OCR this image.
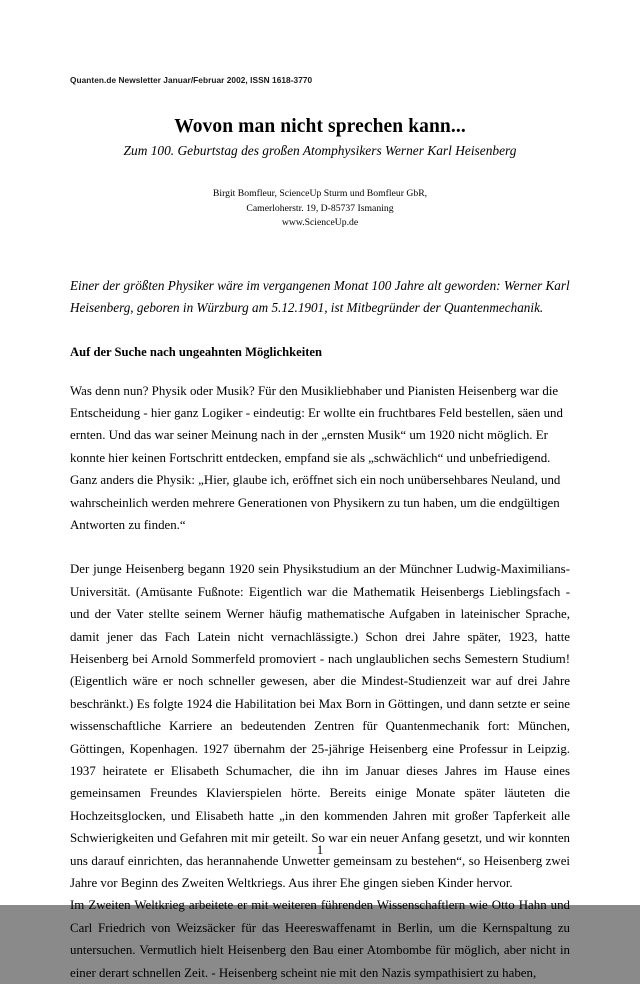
Quanten.de Newsletter Januar/Februar 2002, ISSN 1618-3770
Wovon man nicht sprechen kann...
Zum 100. Geburtstag des großen Atomphysikers Werner Karl Heisenberg
Birgit Bomfleur, ScienceUp Sturm und Bomfleur GbR,
Camerloherstr. 19, D-85737 Ismaning
www.ScienceUp.de
Einer der größten Physiker wäre im vergangenen Monat 100 Jahre alt geworden: Werner Karl Heisenberg, geboren in Würzburg am 5.12.1901, ist Mitbegründer der Quantenmechanik.
Auf der Suche nach ungeahnten Möglichkeiten

Was denn nun? Physik oder Musik? Für den Musikliebhaber und Pianisten Heisenberg war die Entscheidung - hier ganz Logiker - eindeutig: Er wollte ein fruchtbares Feld bestellen, säen und ernten. Und das war seiner Meinung nach in der „ernsten Musik“ um 1920 nicht möglich. Er konnte hier keinen Fortschritt entdecken, empfand sie als „schwächlich“ und unbefriedigend. Ganz anders die Physik: „Hier, glaube ich, eröffnet sich ein noch unübersehbares Neuland, und wahrscheinlich werden mehrere Generationen von Physikern zu tun haben, um die endgültigen Antworten zu finden.“

Der junge Heisenberg begann 1920 sein Physikstudium an der Münchner Ludwig-Maximilians-Universität. (Amüsante Fußnote: Eigentlich war die Mathematik Heisenbergs Lieblingsfach - und der Vater stellte seinem Werner häufig mathematische Aufgaben in lateinischer Sprache, damit jener das Fach Latein nicht vernachlässigte.) Schon drei Jahre später, 1923, hatte Heisenberg bei Arnold Sommerfeld promoviert - nach unglaublichen sechs Semestern Studium! (Eigentlich wäre er noch schneller gewesen, aber die Mindest-Studienzeit war auf drei Jahre beschränkt.) Es folgte 1924 die Habilitation bei Max Born in Göttingen, und dann setzte er seine wissenschaftliche Karriere an bedeutenden Zentren für Quantenmechanik fort: München, Göttingen, Kopenhagen. 1927 übernahm der 25-jährige Heisenberg eine Professur in Leipzig. 1937 heiratete er Elisabeth Schumacher, die ihn im Januar dieses Jahres im Hause eines gemeinsamen Freundes Klavierspielen hörte. Bereits einige Monate später läuteten die Hochzeitsglocken, und Elisabeth hatte „in den kommenden Jahren mit großer Tapferkeit alle Schwierigkeiten und Gefahren mit mir geteilt. So war ein neuer Anfang gesetzt, und wir konnten uns darauf einrichten, das herannahende Unwetter gemeinsam zu bestehen“, so Heisenberg zwei Jahre vor Beginn des Zweiten Weltkriegs. Aus ihrer Ehe gingen sieben Kinder hervor.

Im Zweiten Weltkrieg arbeitete er mit weiteren führenden Wissenschaftlern wie Otto Hahn und Carl Friedrich von Weizsäcker für das Heereswaffenamt in Berlin, um die Kernspaltung zu untersuchen. Vermutlich hielt Heisenberg den Bau einer Atombombe für möglich, aber nicht in einer derart schnellen Zeit. - Heisenberg scheint nie mit den Nazis sympathisiert zu haben,

1
